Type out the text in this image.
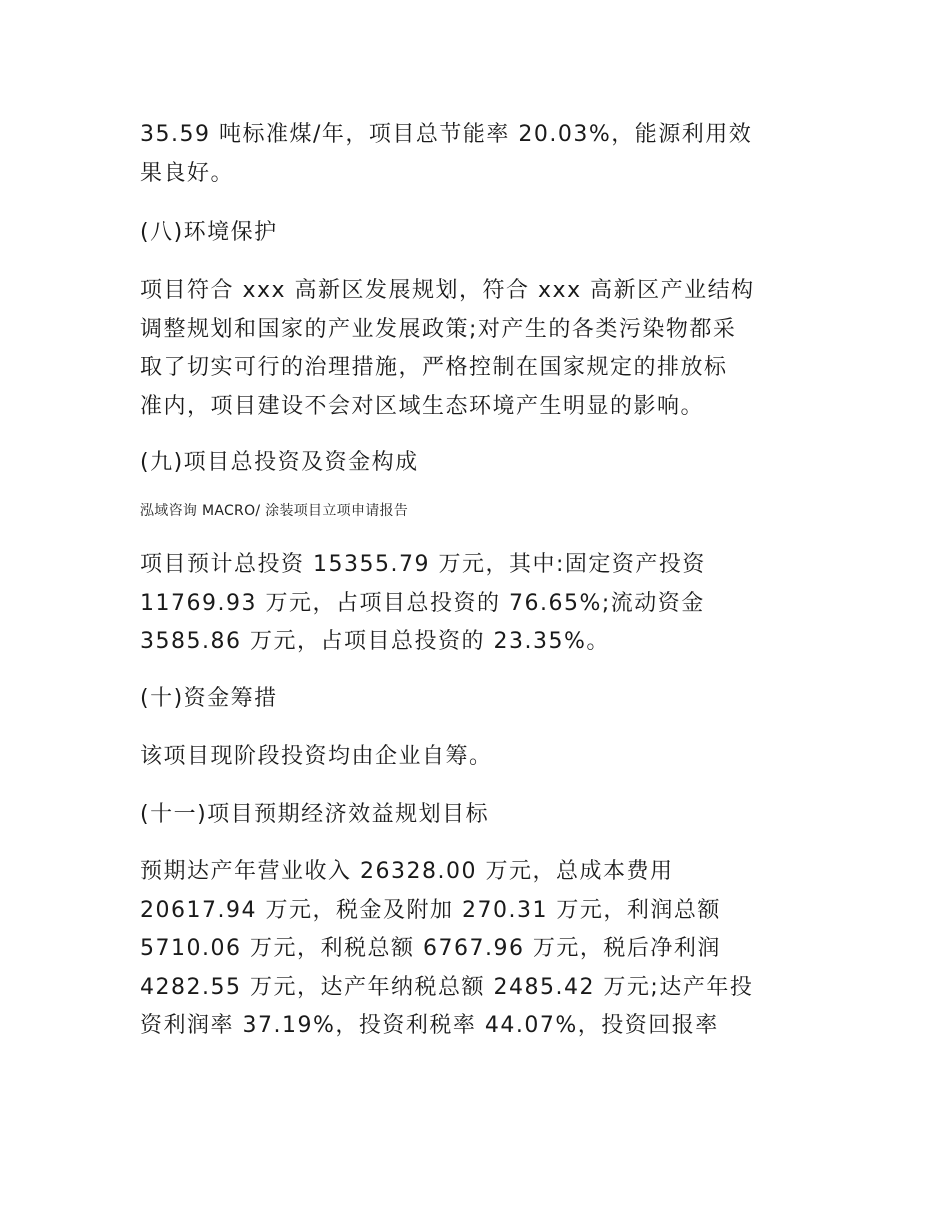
35.59 吨标准煤/年，项目总节能率 20.03%，能源利用效
果良好。

(八)环境保护

项目符合 xxx 高新区发展规划，符合 xxx 高新区产业结构
调整规划和国家的产业发展政策;对产生的各类污染物都采
取了切实可行的治理措施，严格控制在国家规定的排放标
准内，项目建设不会对区域生态环境产生明显的影响。

(九)项目总投资及资金构成
泓域咨询 MACRO/ 涂装项目立项申请报告

项目预计总投资 15355.79 万元，其中:固定资产投资
11769.93 万元，占项目总投资的 76.65%;流动资金
3585.86 万元，占项目总投资的 23.35%。

(十)资金筹措

该项目现阶段投资均由企业自筹。

(十一)项目预期经济效益规划目标

预期达产年营业收入 26328.00 万元，总成本费用
20617.94 万元，税金及附加 270.31 万元，利润总额
5710.06 万元，利税总额 6767.96 万元，税后净利润
4282.55 万元，达产年纳税总额 2485.42 万元;达产年投
资利润率 37.19%，投资利税率 44.07%，投资回报率
